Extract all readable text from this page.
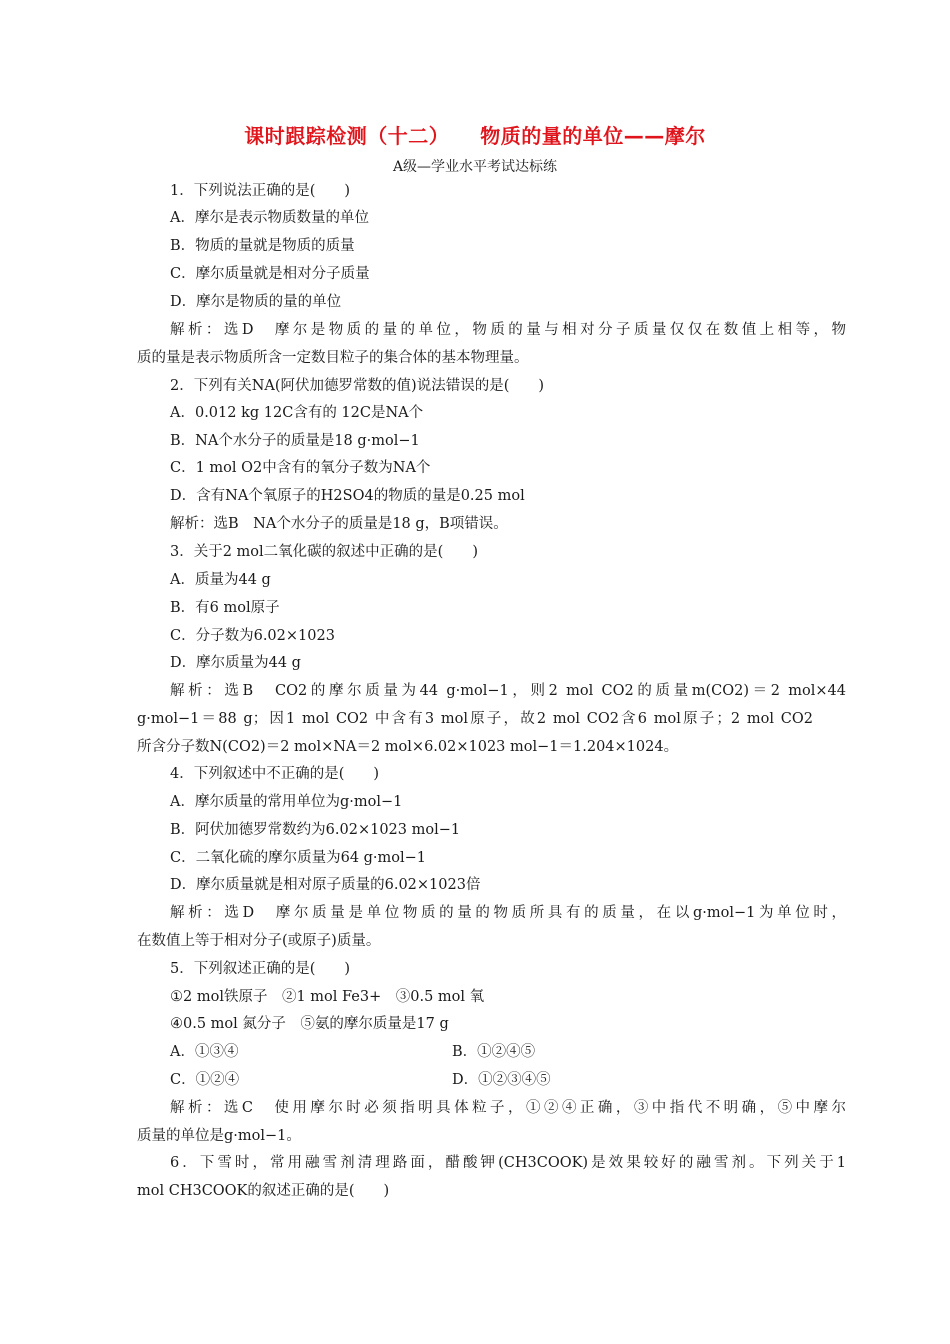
课时跟踪检测（十二）　　物质的量的单位——摩尔
A级—学业水平考试达标练
1．下列说法正确的是(　　)
A．摩尔是表示物质数量的单位
B．物质的量就是物质的质量
C．摩尔质量就是相对分子质量
D．摩尔是物质的量的单位
解析：选D　摩尔是物质的量的单位，物质的量与相对分子质量仅仅在数值上相等，物
质的量是表示物质所含一定数目粒子的集合体的基本物理量。
2．下列有关NA(阿伏加德罗常数的值)说法错误的是(　　)
A．0.012 kg 12C含有的 12C是NA个
B．NA个水分子的质量是18 g·mol−1
C．1 mol O2中含有的氧分子数为NA个
D．含有NA个氧原子的H2SO4的物质的量是0.25 mol
解析：选B　NA个水分子的质量是18 g，B项错误。
3．关于2 mol二氧化碳的叙述中正确的是(　　)
A．质量为44 g
B．有6 mol原子
C．分子数为6.02×1023
D．摩尔质量为44 g
解析：选B　CO2的摩尔质量为44 g·mol−1，则2 mol CO2的质量m(CO2)＝2 mol×44
g·mol−1＝88 g；因1 mol CO2 中含有3 mol原子，故2 mol CO2含6 mol原子；2 mol CO2
所含分子数N(CO2)＝2 mol×NA＝2 mol×6.02×1023 mol−1＝1.204×1024。
4．下列叙述中不正确的是(　　)
A．摩尔质量的常用单位为g·mol−1
B．阿伏加德罗常数约为6.02×1023 mol−1
C．二氧化硫的摩尔质量为64 g·mol−1
D．摩尔质量就是相对原子质量的6.02×1023倍
解析：选D　摩尔质量是单位物质的量的物质所具有的质量，在以g·mol−1为单位时，
在数值上等于相对分子(或原子)质量。
5．下列叙述正确的是(　　)
①2 mol铁原子　②1 mol Fe3+　③0.5 mol 氧
④0.5 mol 氮分子　⑤氨的摩尔质量是17 g
A．①③④	B．①②④⑤
C．①②④	D．①②③④⑤
解析：选C　使用摩尔时必须指明具体粒子，①②④正确，③中指代不明确，⑤中摩尔
质量的单位是g·mol−1。
6．下雪时，常用融雪剂清理路面，醋酸钾(CH3COOK)是效果较好的融雪剂。下列关于1
mol CH3COOK的叙述正确的是(　　)
